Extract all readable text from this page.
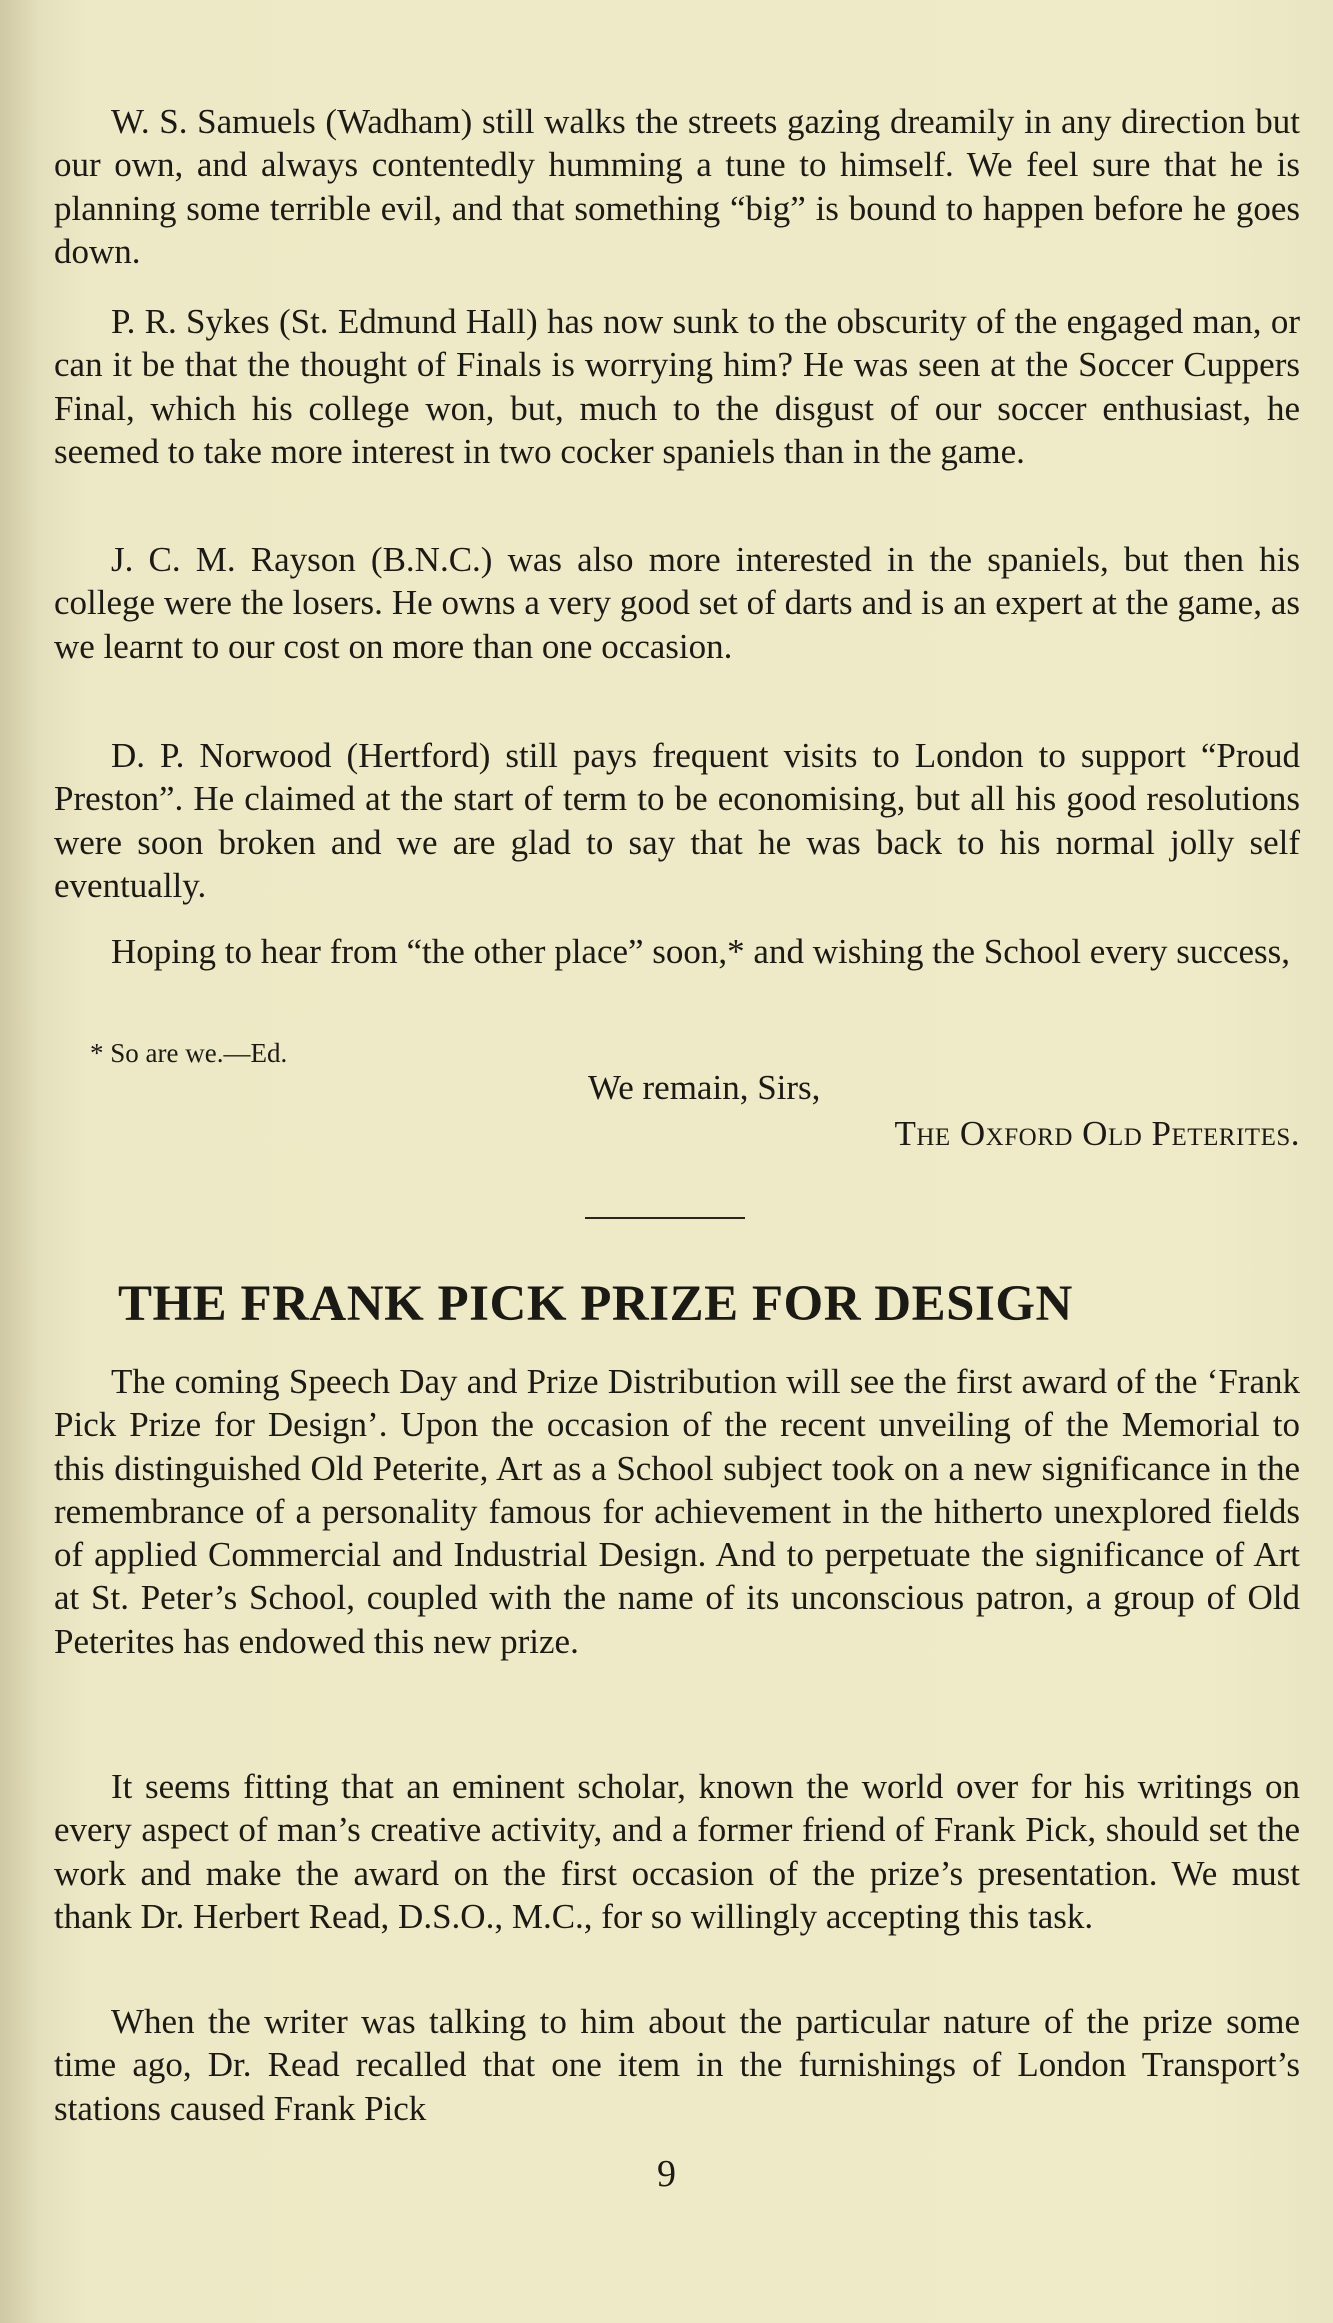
W. S. Samuels (Wadham) still walks the streets gazing dreamily in any direction but our own, and always contentedly humming a tune to himself. We feel sure that he is planning some terrible evil, and that something “big” is bound to happen before he goes down.

P. R. Sykes (St. Edmund Hall) has now sunk to the obscurity of the engaged man, or can it be that the thought of Finals is worrying him? He was seen at the Soccer Cuppers Final, which his college won, but, much to the disgust of our soccer enthusiast, he seemed to take more interest in two cocker spaniels than in the game.

J. C. M. Rayson (B.N.C.) was also more interested in the spaniels, but then his college were the losers. He owns a very good set of darts and is an expert at the game, as we learnt to our cost on more than one occasion.

D. P. Norwood (Hertford) still pays frequent visits to London to support “Proud Preston”. He claimed at the start of term to be economising, but all his good resolutions were soon broken and we are glad to say that he was back to his normal jolly self eventually.

Hoping to hear from “the other place” soon,* and wishing the School every success,

* So are we.—Ed.

We remain, Sirs,

The Oxford Old Peterites.

THE FRANK PICK PRIZE FOR DESIGN

The coming Speech Day and Prize Distribution will see the first award of the ‘Frank Pick Prize for Design’. Upon the occasion of the recent unveiling of the Memorial to this distinguished Old Peterite, Art as a School subject took on a new significance in the remembrance of a personality famous for achievement in the hitherto unexplored fields of applied Commercial and Industrial Design. And to perpetuate the significance of Art at St. Peter’s School, coupled with the name of its unconscious patron, a group of Old Peterites has endowed this new prize.

It seems fitting that an eminent scholar, known the world over for his writings on every aspect of man’s creative activity, and a former friend of Frank Pick, should set the work and make the award on the first occasion of the prize’s presentation. We must thank Dr. Herbert Read, D.S.O., M.C., for so willingly accepting this task.

When the writer was talking to him about the particular nature of the prize some time ago, Dr. Read recalled that one item in the furnishings of London Transport’s stations caused Frank Pick

9
